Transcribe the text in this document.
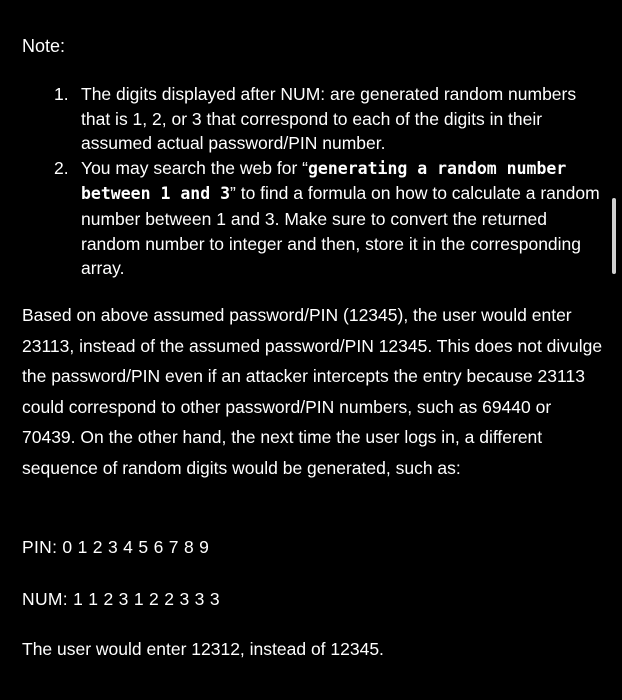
Note:

1. The digits displayed after NUM: are generated random numbers that is 1, 2, or 3 that correspond to each of the digits in their assumed actual password/PIN number.
2. You may search the web for “generating a random number between 1 and 3” to find a formula on how to calculate a random number between 1 and 3. Make sure to convert the returned random number to integer and then, store it in the corresponding array.

Based on above assumed password/PIN (12345), the user would enter 23113, instead of the assumed password/PIN 12345. This does not divulge the password/PIN even if an attacker intercepts the entry because 23113 could correspond to other password/PIN numbers, such as 69440 or 70439. On the other hand, the next time the user logs in, a different sequence of random digits would be generated, such as:

PIN: 0 1 2 3 4 5 6 7 8 9

NUM: 1 1 2 3 1 2 2 3 3 3

The user would enter 12312, instead of 12345.
